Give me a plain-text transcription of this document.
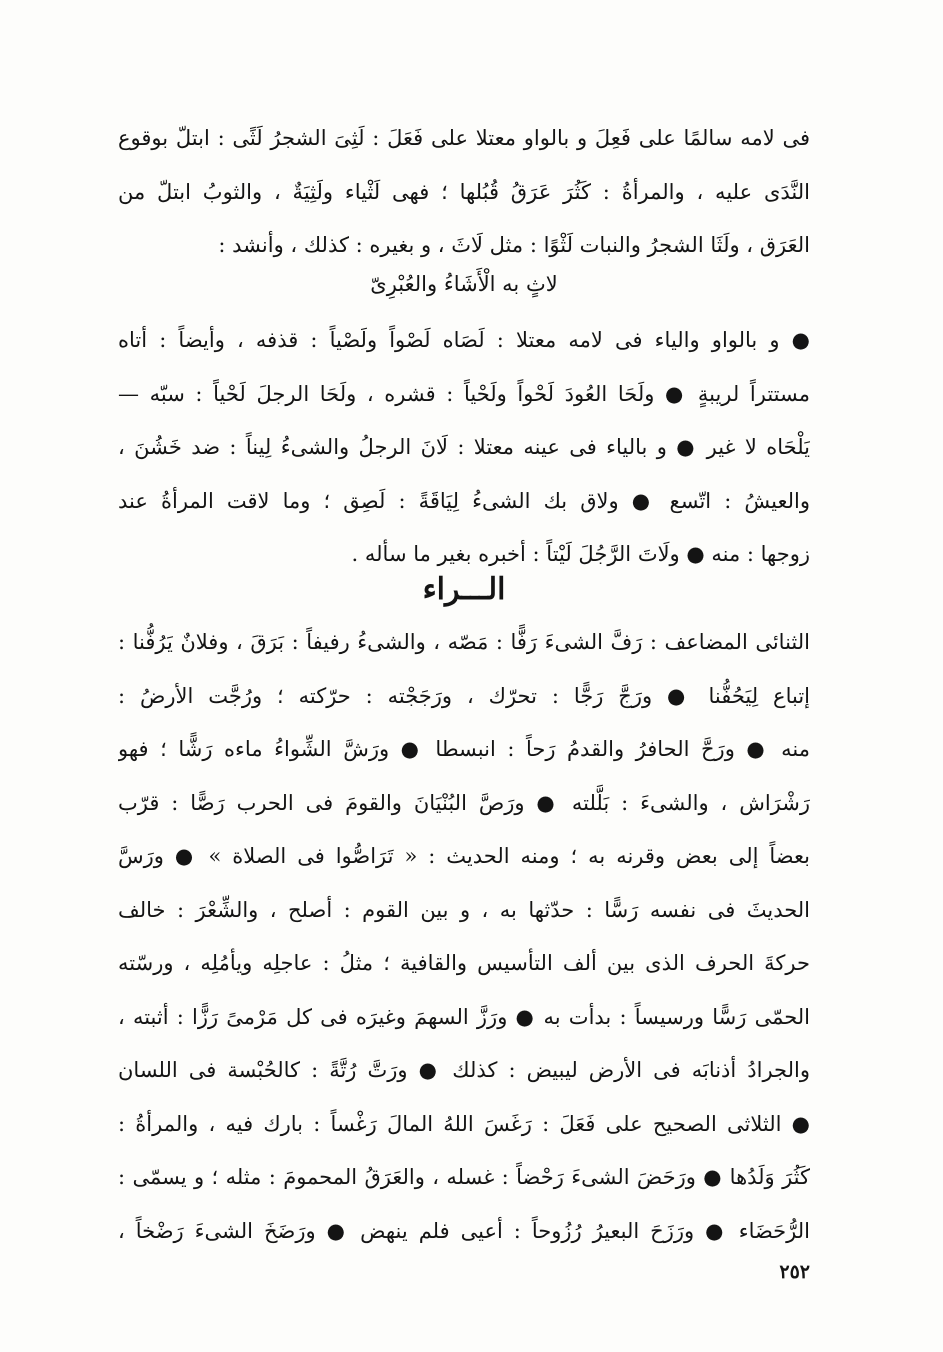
فى لامه سالمًا على فَعِلَ و بالواو معتلا على فَعَلَ : لَثِىَ الشجرُ لَثًى : ابتلّ بوقوع
النَّدَى عليه ، والمرأةُ : كَثُرَ عَرَقُ قُبُلها ؛ فهى لَثْياء ولَثِيَةٌ ، والثوبُ ابتلّ من
العَرَق ، ولَثَا الشجرُ والنبات لَثْوًا : مثل لَاثَ ، و بغيره : كذلك ، وأنشد :
لاثٍ به الْأَشَاءُ والعُبْرِىّ
● و بالواو والياء فى لامه معتلا : لَصَاه لَصْواً ولَصْياً : قذفه ، وأيضاً : أتاه
مستتراً لريبةٍ ● ولَحَا العُودَ لَحْواً ولَحْياً : قشره ، ولَحَا الرجلَ لَحْياً : سبّه —
يَلْحَاه لا غير ● و بالياء فى عينه معتلا : لَانَ الرجلُ والشىءُ لِيناً : ضد خَشُنَ ،
والعيشُ : اتّسع ● ولاق بك الشىءُ لِيَاقَةً : لَصِق ؛ وما لاقت المرأةُ عند
زوجها : منه ● ولَاتَ الرَّجُلَ لَيْتاً : أخبره بغير ما سأله .
الـــراء
الثنائى المضاعف : رَفَّ الشىءَ رَفًّا : مَصّه ، والشىءُ رفيفاً : بَرَقَ ، وفلانٌ يَرُفُّنا :
إتباع لِيَحُفُّنا ● ورَجَّ رَجًّا : تحرّك ، ورَجَجْته : حرّكته ؛ ورُجَّت الأرضُ :
منه ● ورَحَّ الحافرُ والقدمُ رَحاً : انبسطا ● ورَشَّ الشِّواءُ ماءه رَشًّا ؛ فهو
رَشْرَاش ، والشىءَ : بَلَّلته ● ورَصَّ البُنْيَانَ والقومَ فى الحرب رَصًّا : قرّب
بعضاً إلى بعض وقرنه به ؛ ومنه الحديث : « تَرَاصُّوا فى الصلاة » ● ورَسَّ
الحديثَ فى نفسه رَسًّا : حدّثها به ، و بين القوم : أصلح ، والشِّعْرَ : خالف
حركةَ الحرف الذى بين ألف التأسيس والقافية ؛ مثلُ : عاجلِه ويأمُلِه ، ورسّته
الحمّى رَسًّا ورسيساً : بدأت به ● ورَزَّ السهمَ وغيرَه فى كل مَرْمىً رَزًّا : أثبته ،
والجرادُ أذنابَه فى الأرض ليبيض : كذلك ● ورَتَّ رُتَّةً : كالحُبْسة فى اللسان
● الثلاثى الصحيح على فَعَلَ : رَغَسَ اللهُ المالَ رَغْساً : بارك فيه ، والمرأةُ :
كَثُرَ وَلَدُها ● ورَحَضَ الشىءَ رَحْضاً : غسله ، والعَرَقُ المحمومَ : مثله ؛ و يسمّى :
الرُّحَضَاء ● ورَزَحَ البعيرُ رُزُوحاً : أعيى فلم ينهض ● ورَضَخَ الشىءَ رَضْخاً ،
٢٥٢
